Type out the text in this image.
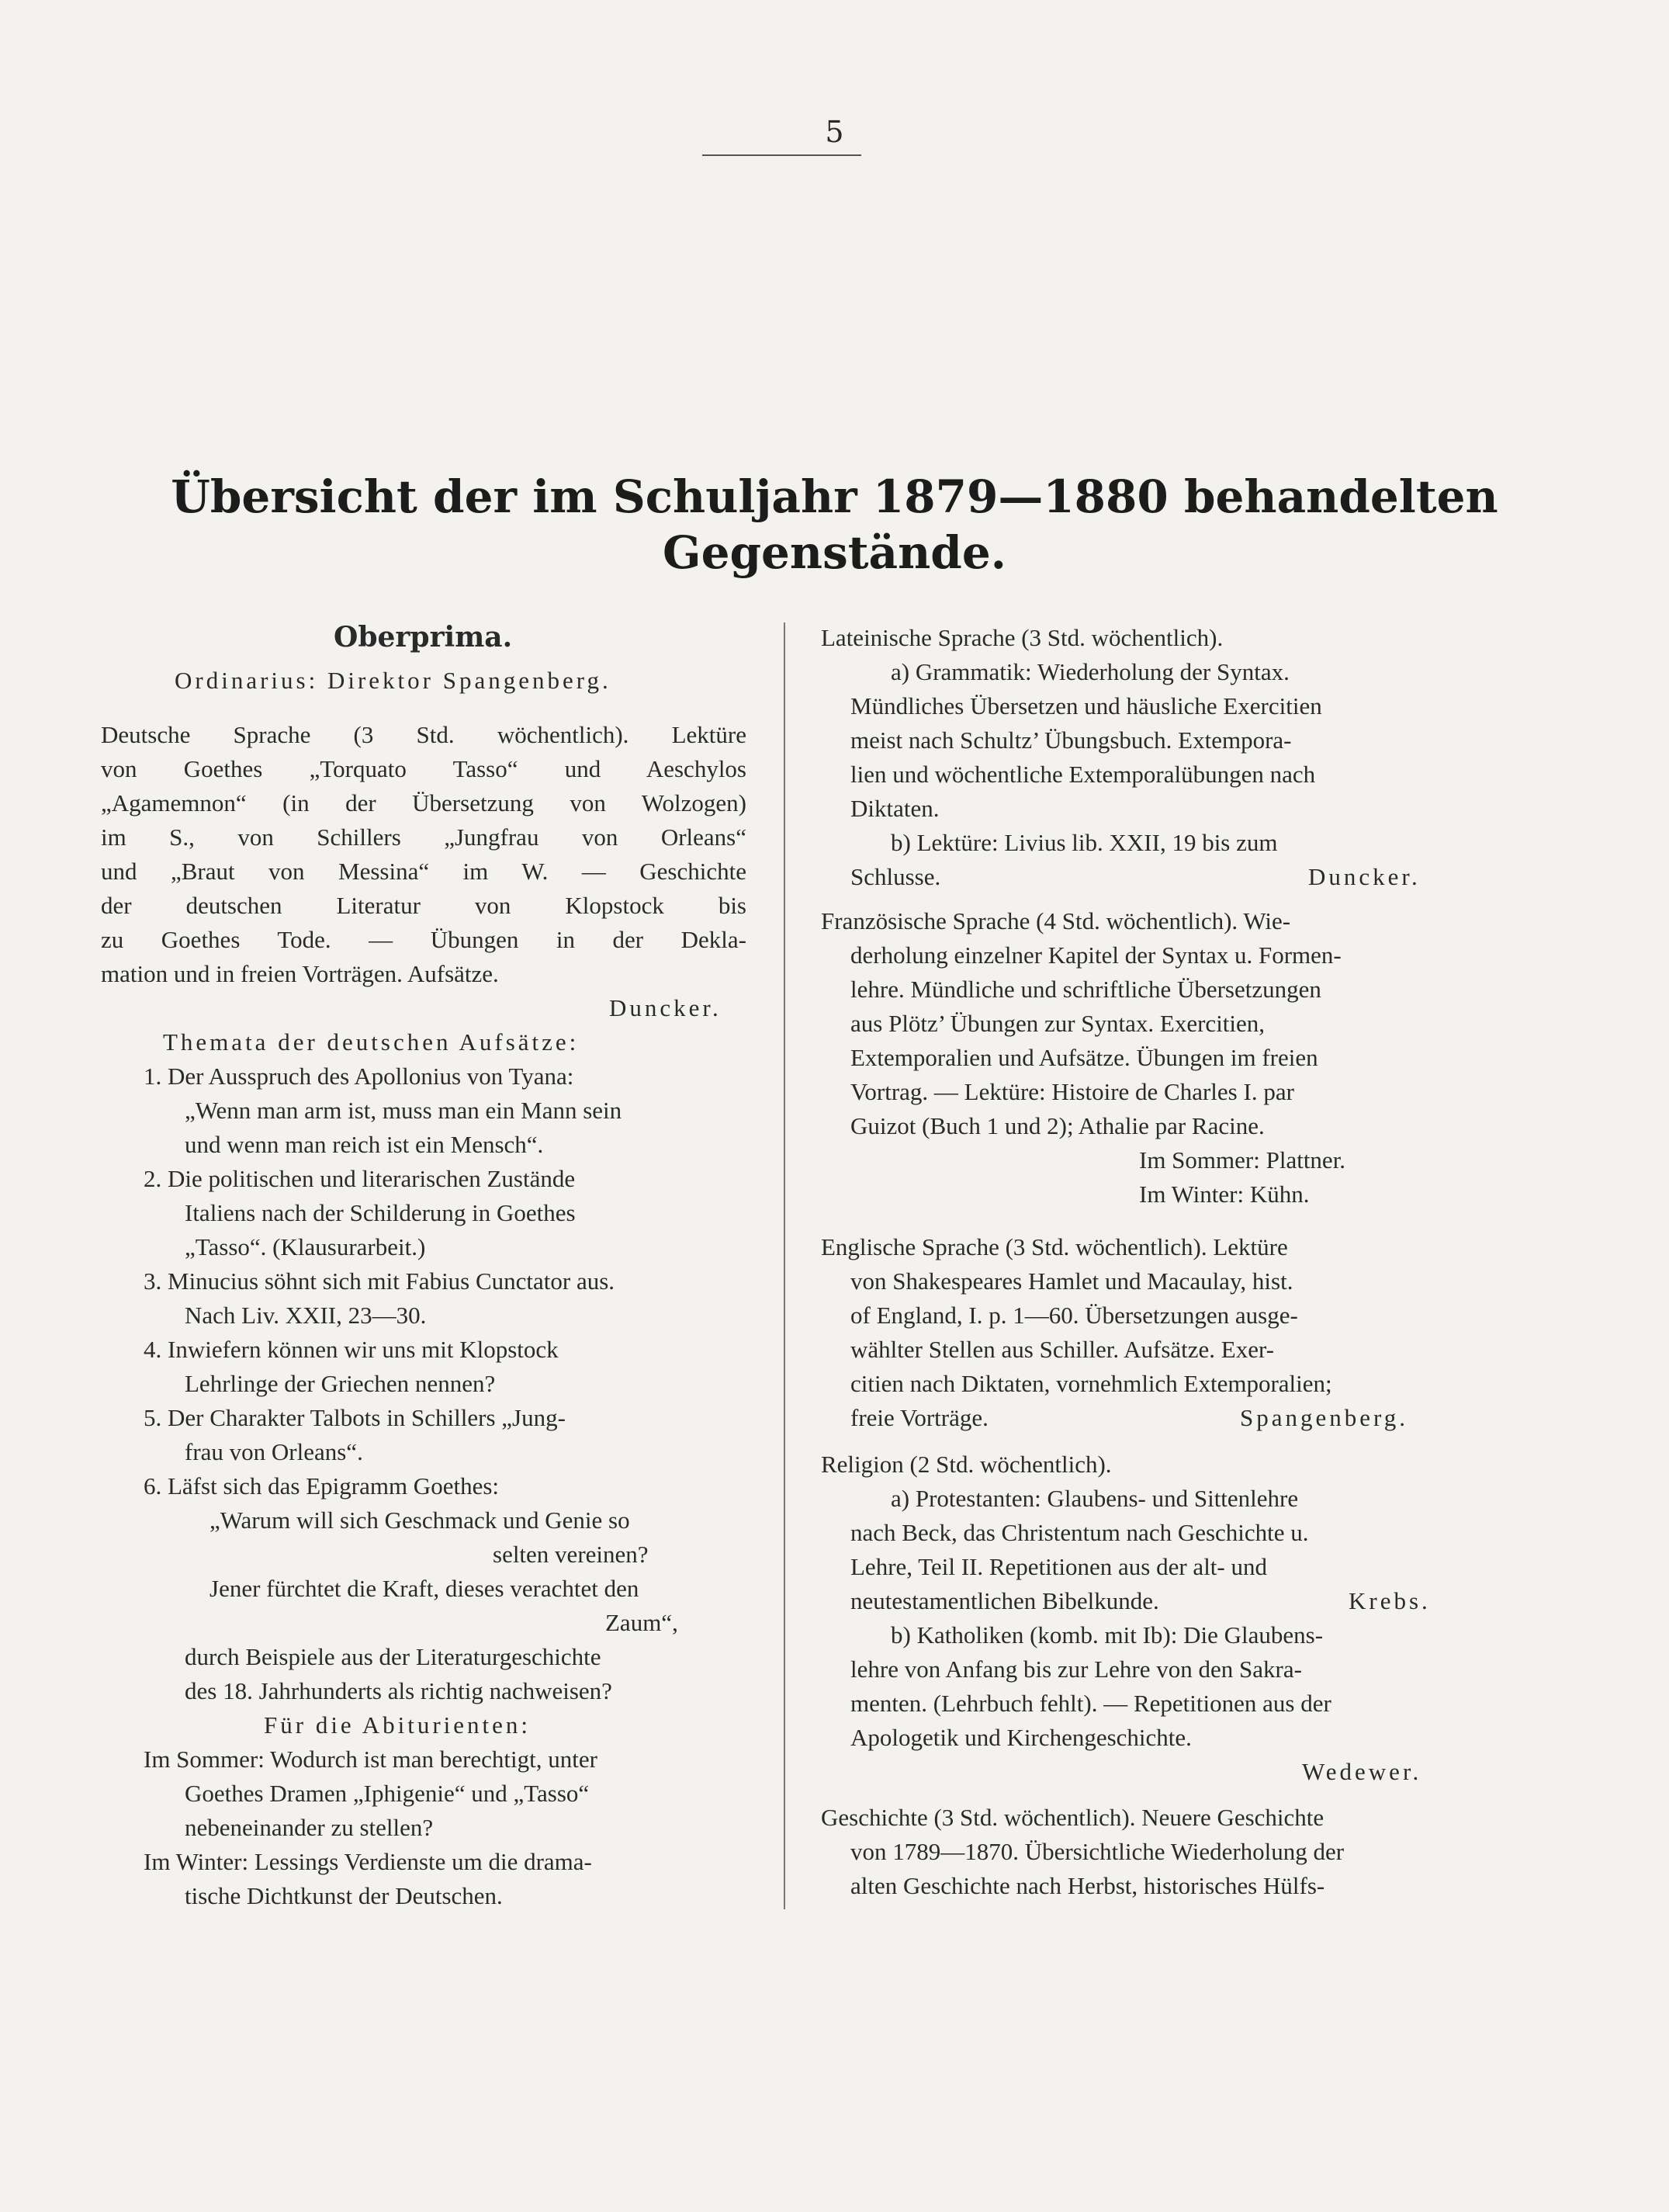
5
Übersicht der im Schuljahr 1879—1880 behandelten
Gegenstände.
Oberprima.
Ordinarius: Direktor Spangenberg.
Deutsche Sprache (3 Std. wöchentlich). Lektüre
von Goethes „Torquato Tasso“ und Aeschylos
„Agamemnon“ (in der Übersetzung von Wolzogen)
im S., von Schillers „Jungfrau von Orleans“
und „Braut von Messina“ im W. — Geschichte
der deutschen Literatur von Klopstock bis
zu Goethes Tode. — Übungen in der Dekla-
mation und in freien Vorträgen. Aufsätze.
Duncker.
Themata der deutschen Aufsätze:
1. Der Ausspruch des Apollonius von Tyana:
„Wenn man arm ist, muss man ein Mann sein
und wenn man reich ist ein Mensch“.
2. Die politischen und literarischen Zustände
Italiens nach der Schilderung in Goethes
„Tasso“. (Klausurarbeit.)
3. Minucius söhnt sich mit Fabius Cunctator aus.
Nach Liv. XXII, 23—30.
4. Inwiefern können wir uns mit Klopstock
Lehrlinge der Griechen nennen?
5. Der Charakter Talbots in Schillers „Jung-
frau von Orleans“.
6. Läfst sich das Epigramm Goethes:
„Warum will sich Geschmack und Genie so
selten vereinen?
Jener fürchtet die Kraft, dieses verachtet den
Zaum“,
durch Beispiele aus der Literaturgeschichte
des 18. Jahrhunderts als richtig nachweisen?
Für die Abiturienten:
Im Sommer: Wodurch ist man berechtigt, unter
Goethes Dramen „Iphigenie“ und „Tasso“
nebeneinander zu stellen?
Im Winter: Lessings Verdienste um die drama-
tische Dichtkunst der Deutschen.
Lateinische Sprache (3 Std. wöchentlich).
a) Grammatik: Wiederholung der Syntax.
Mündliches Übersetzen und häusliche Exercitien
meist nach Schultz’ Übungsbuch. Extempora-
lien und wöchentliche Extemporalübungen nach
Diktaten.
b) Lektüre: Livius lib. XXII, 19 bis zum
Schlusse.	Duncker.
Französische Sprache (4 Std. wöchentlich). Wie-
derholung einzelner Kapitel der Syntax u. Formen-
lehre. Mündliche und schriftliche Übersetzungen
aus Plötz’ Übungen zur Syntax. Exercitien,
Extemporalien und Aufsätze. Übungen im freien
Vortrag. — Lektüre: Histoire de Charles I. par
Guizot (Buch 1 und 2); Athalie par Racine.
Im Sommer: Plattner.
Im Winter: Kühn.
Englische Sprache (3 Std. wöchentlich). Lektüre
von Shakespeares Hamlet und Macaulay, hist.
of England, I. p. 1—60. Übersetzungen ausge-
wählter Stellen aus Schiller. Aufsätze. Exer-
citien nach Diktaten, vornehmlich Extemporalien;
freie Vorträge.	Spangenberg.
Religion (2 Std. wöchentlich).
a) Protestanten: Glaubens- und Sittenlehre
nach Beck, das Christentum nach Geschichte u.
Lehre, Teil II. Repetitionen aus der alt- und
neutestamentlichen Bibelkunde.	Krebs.
b) Katholiken (komb. mit Ib): Die Glaubens-
lehre von Anfang bis zur Lehre von den Sakra-
menten. (Lehrbuch fehlt). — Repetitionen aus der
Apologetik und Kirchengeschichte.
Wedewer.
Geschichte (3 Std. wöchentlich). Neuere Geschichte
von 1789—1870. Übersichtliche Wiederholung der
alten Geschichte nach Herbst, historisches Hülfs-
